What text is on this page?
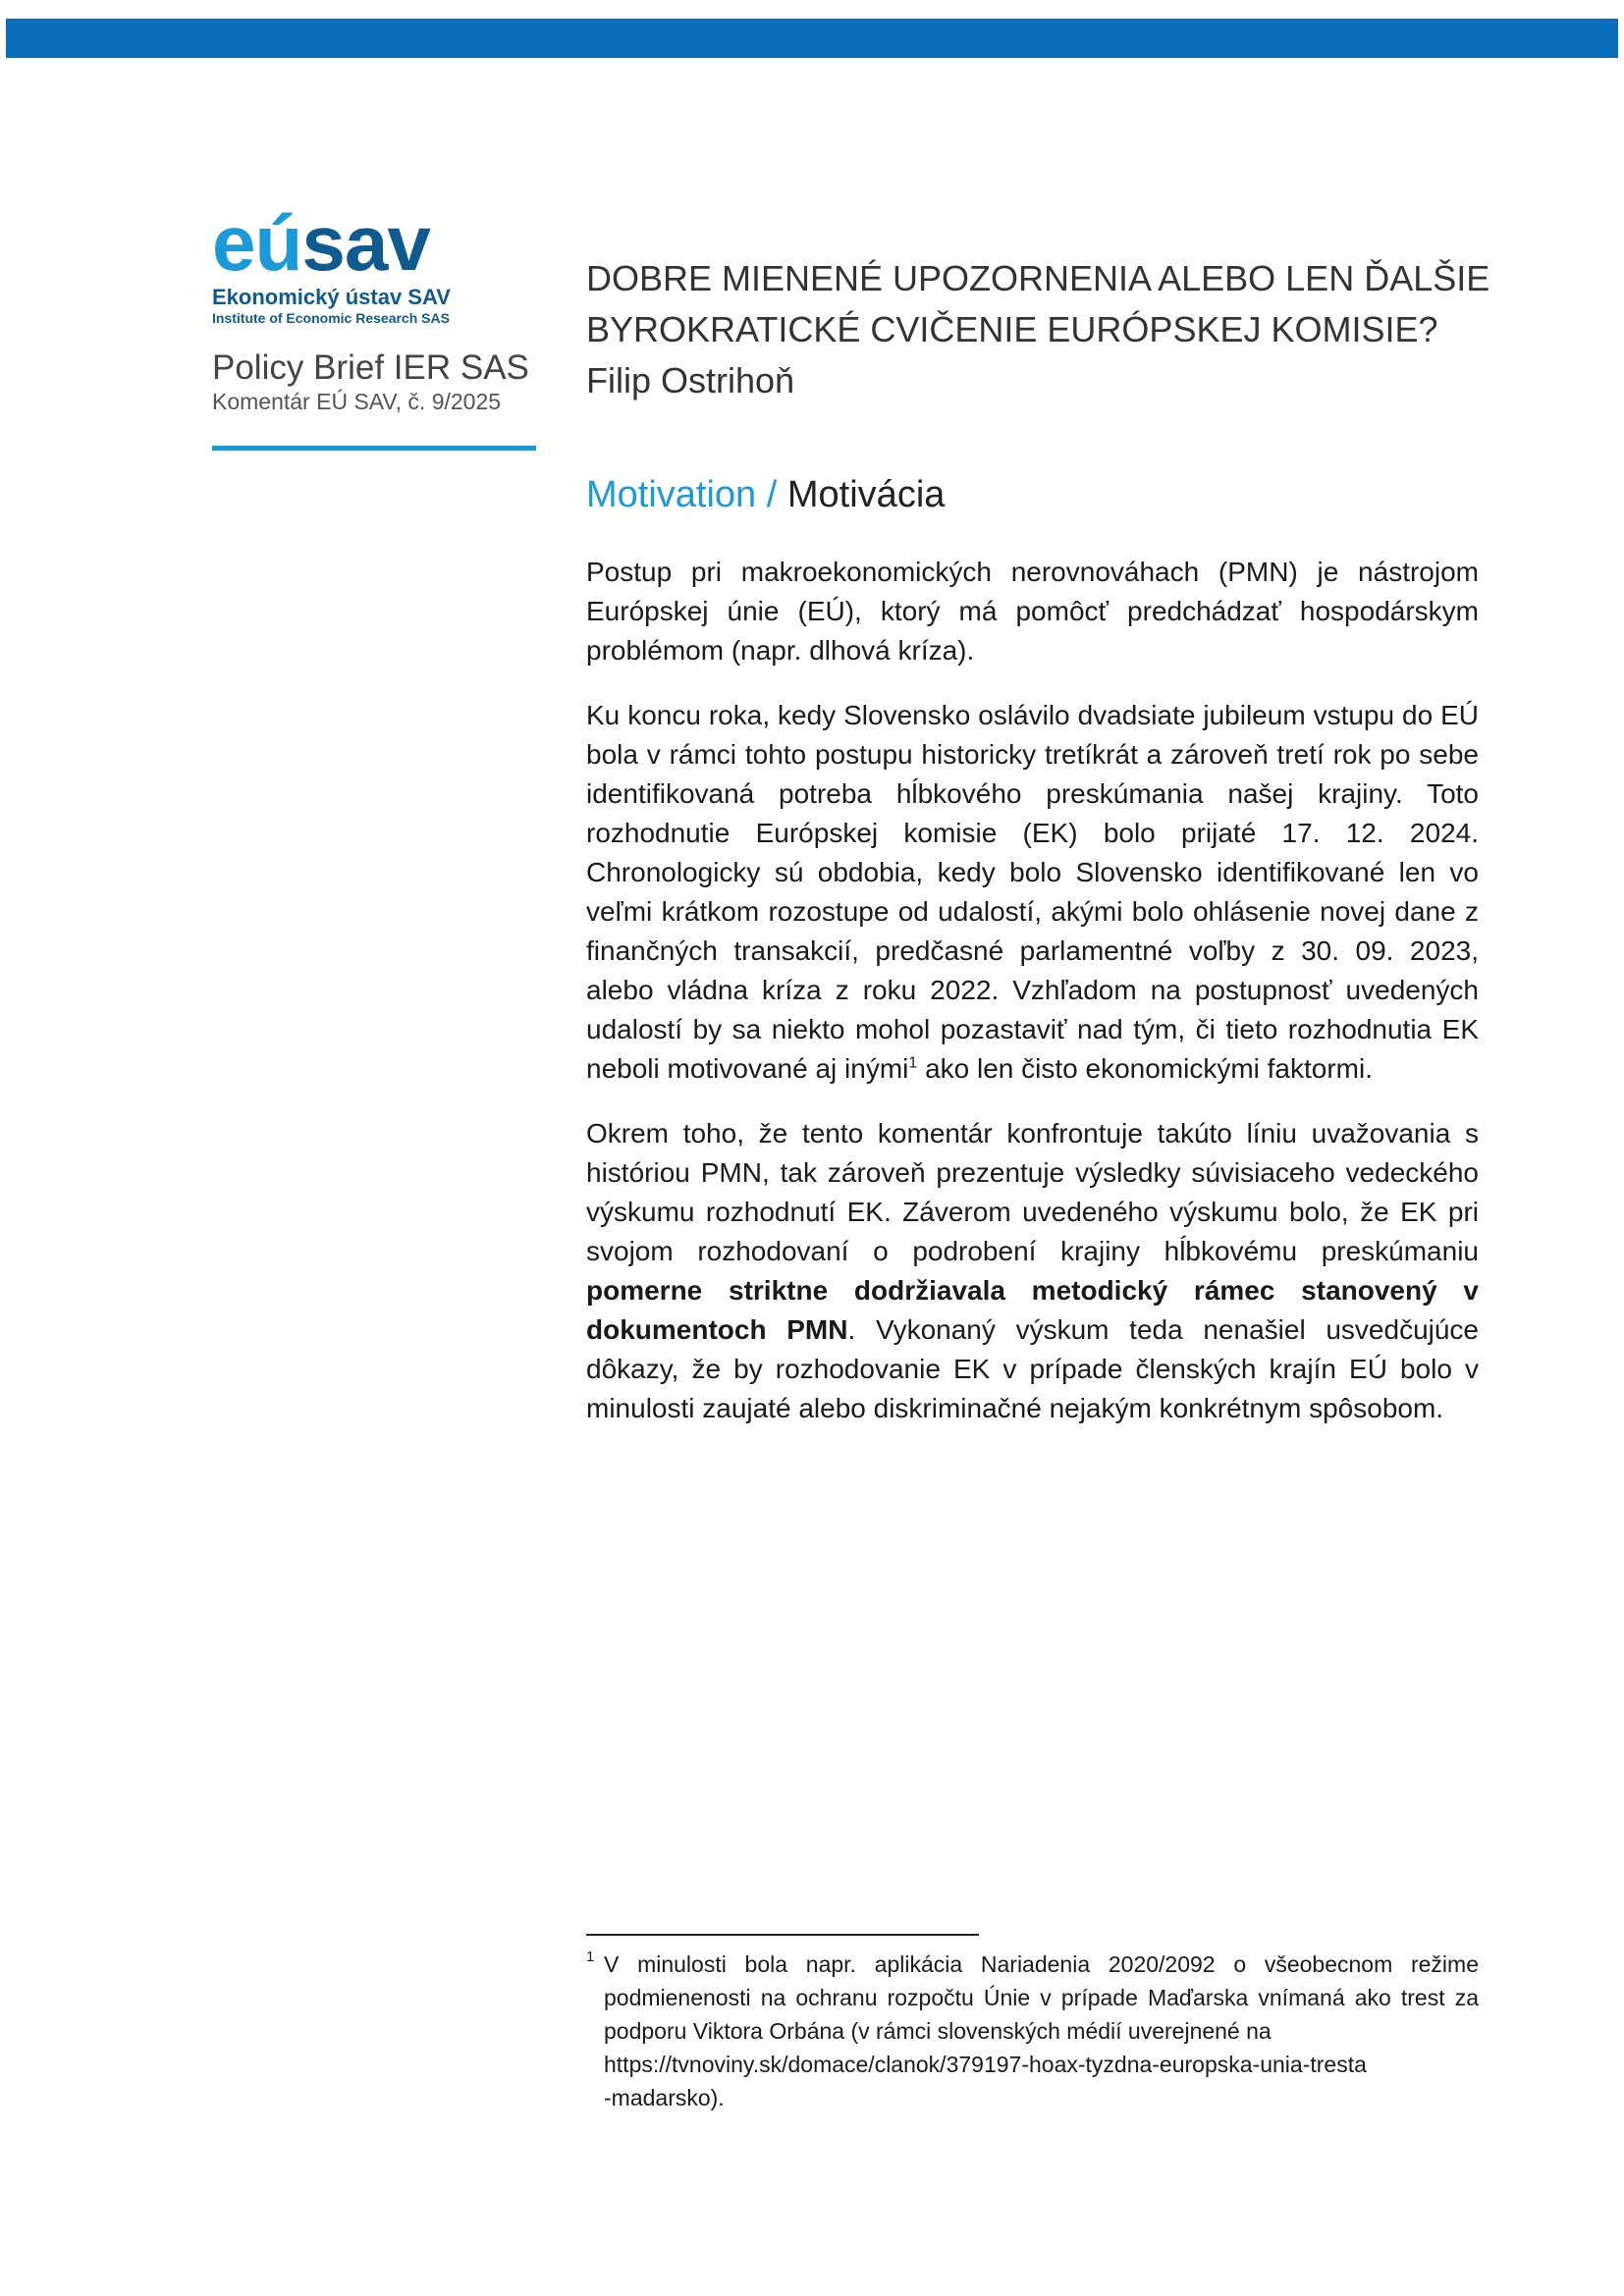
eúsav
Ekonomický ústav SAV
Institute of Economic Research SAS
Policy Brief IER SAS
Komentár EÚ SAV, č. 9/2025
DOBRE MIENENÉ UPOZORNENIA ALEBO LEN ĎALŠIE
BYROKRATICKÉ CVIČENIE EURÓPSKEJ KOMISIE?
Filip Ostrihoň
Motivation / Motivácia

Postup pri makroekonomických nerovnováhach (PMN) je nástrojom Európskej únie (EÚ), ktorý má pomôcť predchádzať hospodárskym problémom (napr. dlhová kríza).

Ku koncu roka, kedy Slovensko oslávilo dvadsiate jubileum vstupu do EÚ bola v rámci tohto postupu historicky tretíkrát a zároveň tretí rok po sebe identifikovaná potreba hĺbkového preskúmania našej krajiny. Toto rozhodnutie Európskej komisie (EK) bolo prijaté 17. 12. 2024. Chronologicky sú obdobia, kedy bolo Slovensko identifikované len vo veľmi krátkom rozostupe od udalostí, akými bolo ohlásenie novej dane z finančných transakcií, predčasné parlamentné voľby z 30. 09. 2023, alebo vládna kríza z roku 2022. Vzhľadom na postupnosť uvedených udalostí by sa niekto mohol pozastaviť nad tým, či tieto rozhodnutia EK neboli motivované aj inými$^1$ ako len čisto ekonomickými faktormi.

Okrem toho, že tento komentár konfrontuje takúto líniu uvažovania s históriou PMN, tak zároveň prezentuje výsledky súvisiaceho vedeckého výskumu rozhodnutí EK. Záverom uvedeného výskumu bolo, že EK pri svojom rozhodovaní o podrobení krajiny hĺbkovému preskúmaniu pomerne striktne dodržiavala metodický rámec stanovený v dokumentoch PMN. Vykonaný výskum teda nenašiel usvedčujúce dôkazy, že by rozhodovanie EK v prípade členských krajín EÚ bolo v minulosti zaujaté alebo diskriminačné nejakým konkrétnym spôsobom.

1 V minulosti bola napr. aplikácia Nariadenia 2020/2092 o všeobecnom režime podmienenosti na ochranu rozpočtu Únie v prípade Maďarska vnímaná ako trest za podporu Viktora Orbána (v rámci slovenských médií uverejnené na
https://tvnoviny.sk/domace/clanok/379197-hoax-tyzdna-europska-unia-tresta
-madarsko).
